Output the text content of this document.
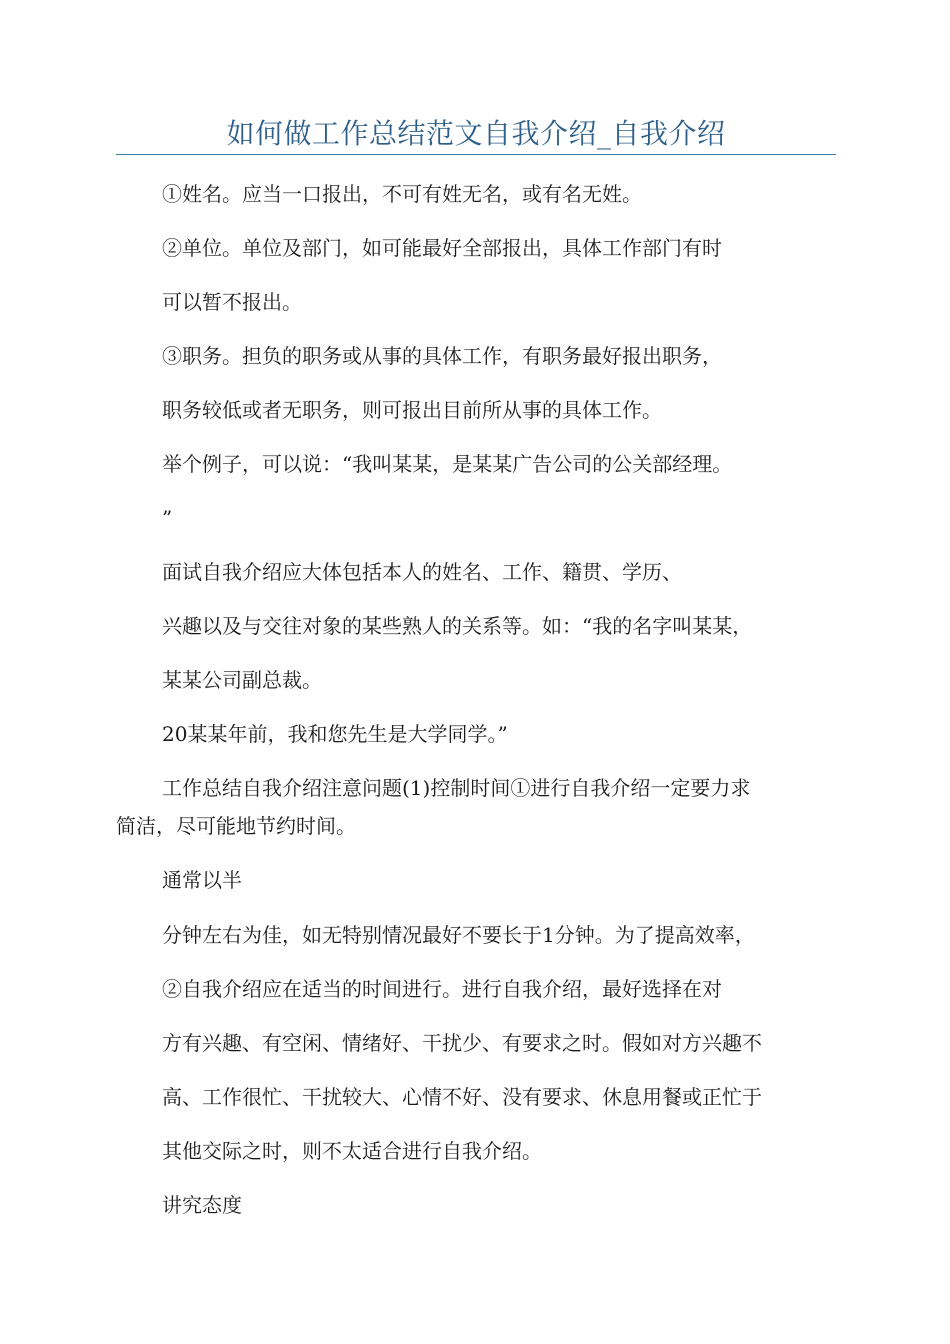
如何做工作总结范文自我介绍_自我介绍
①姓名。应当一口报出，不可有姓无名，或有名无姓。
②单位。单位及部门，如可能最好全部报出，具体工作部门有时
可以暂不报出。
③职务。担负的职务或从事的具体工作，有职务最好报出职务，
职务较低或者无职务，则可报出目前所从事的具体工作。
举个例子，可以说：“我叫某某，是某某广告公司的公关部经理。
”
面试自我介绍应大体包括本人的姓名、工作、籍贯、学历、
兴趣以及与交往对象的某些熟人的关系等。如：“我的名字叫某某，
某某公司副总裁。
20某某年前，我和您先生是大学同学。”
工作总结自我介绍注意问题(1)控制时间①进行自我介绍一定要力求
简洁，尽可能地节约时间。
通常以半
分钟左右为佳，如无特别情况最好不要长于1分钟。为了提高效率，
②自我介绍应在适当的时间进行。进行自我介绍，最好选择在对
方有兴趣、有空闲、情绪好、干扰少、有要求之时。假如对方兴趣不
高、工作很忙、干扰较大、心情不好、没有要求、休息用餐或正忙于
其他交际之时，则不太适合进行自我介绍。
讲究态度
